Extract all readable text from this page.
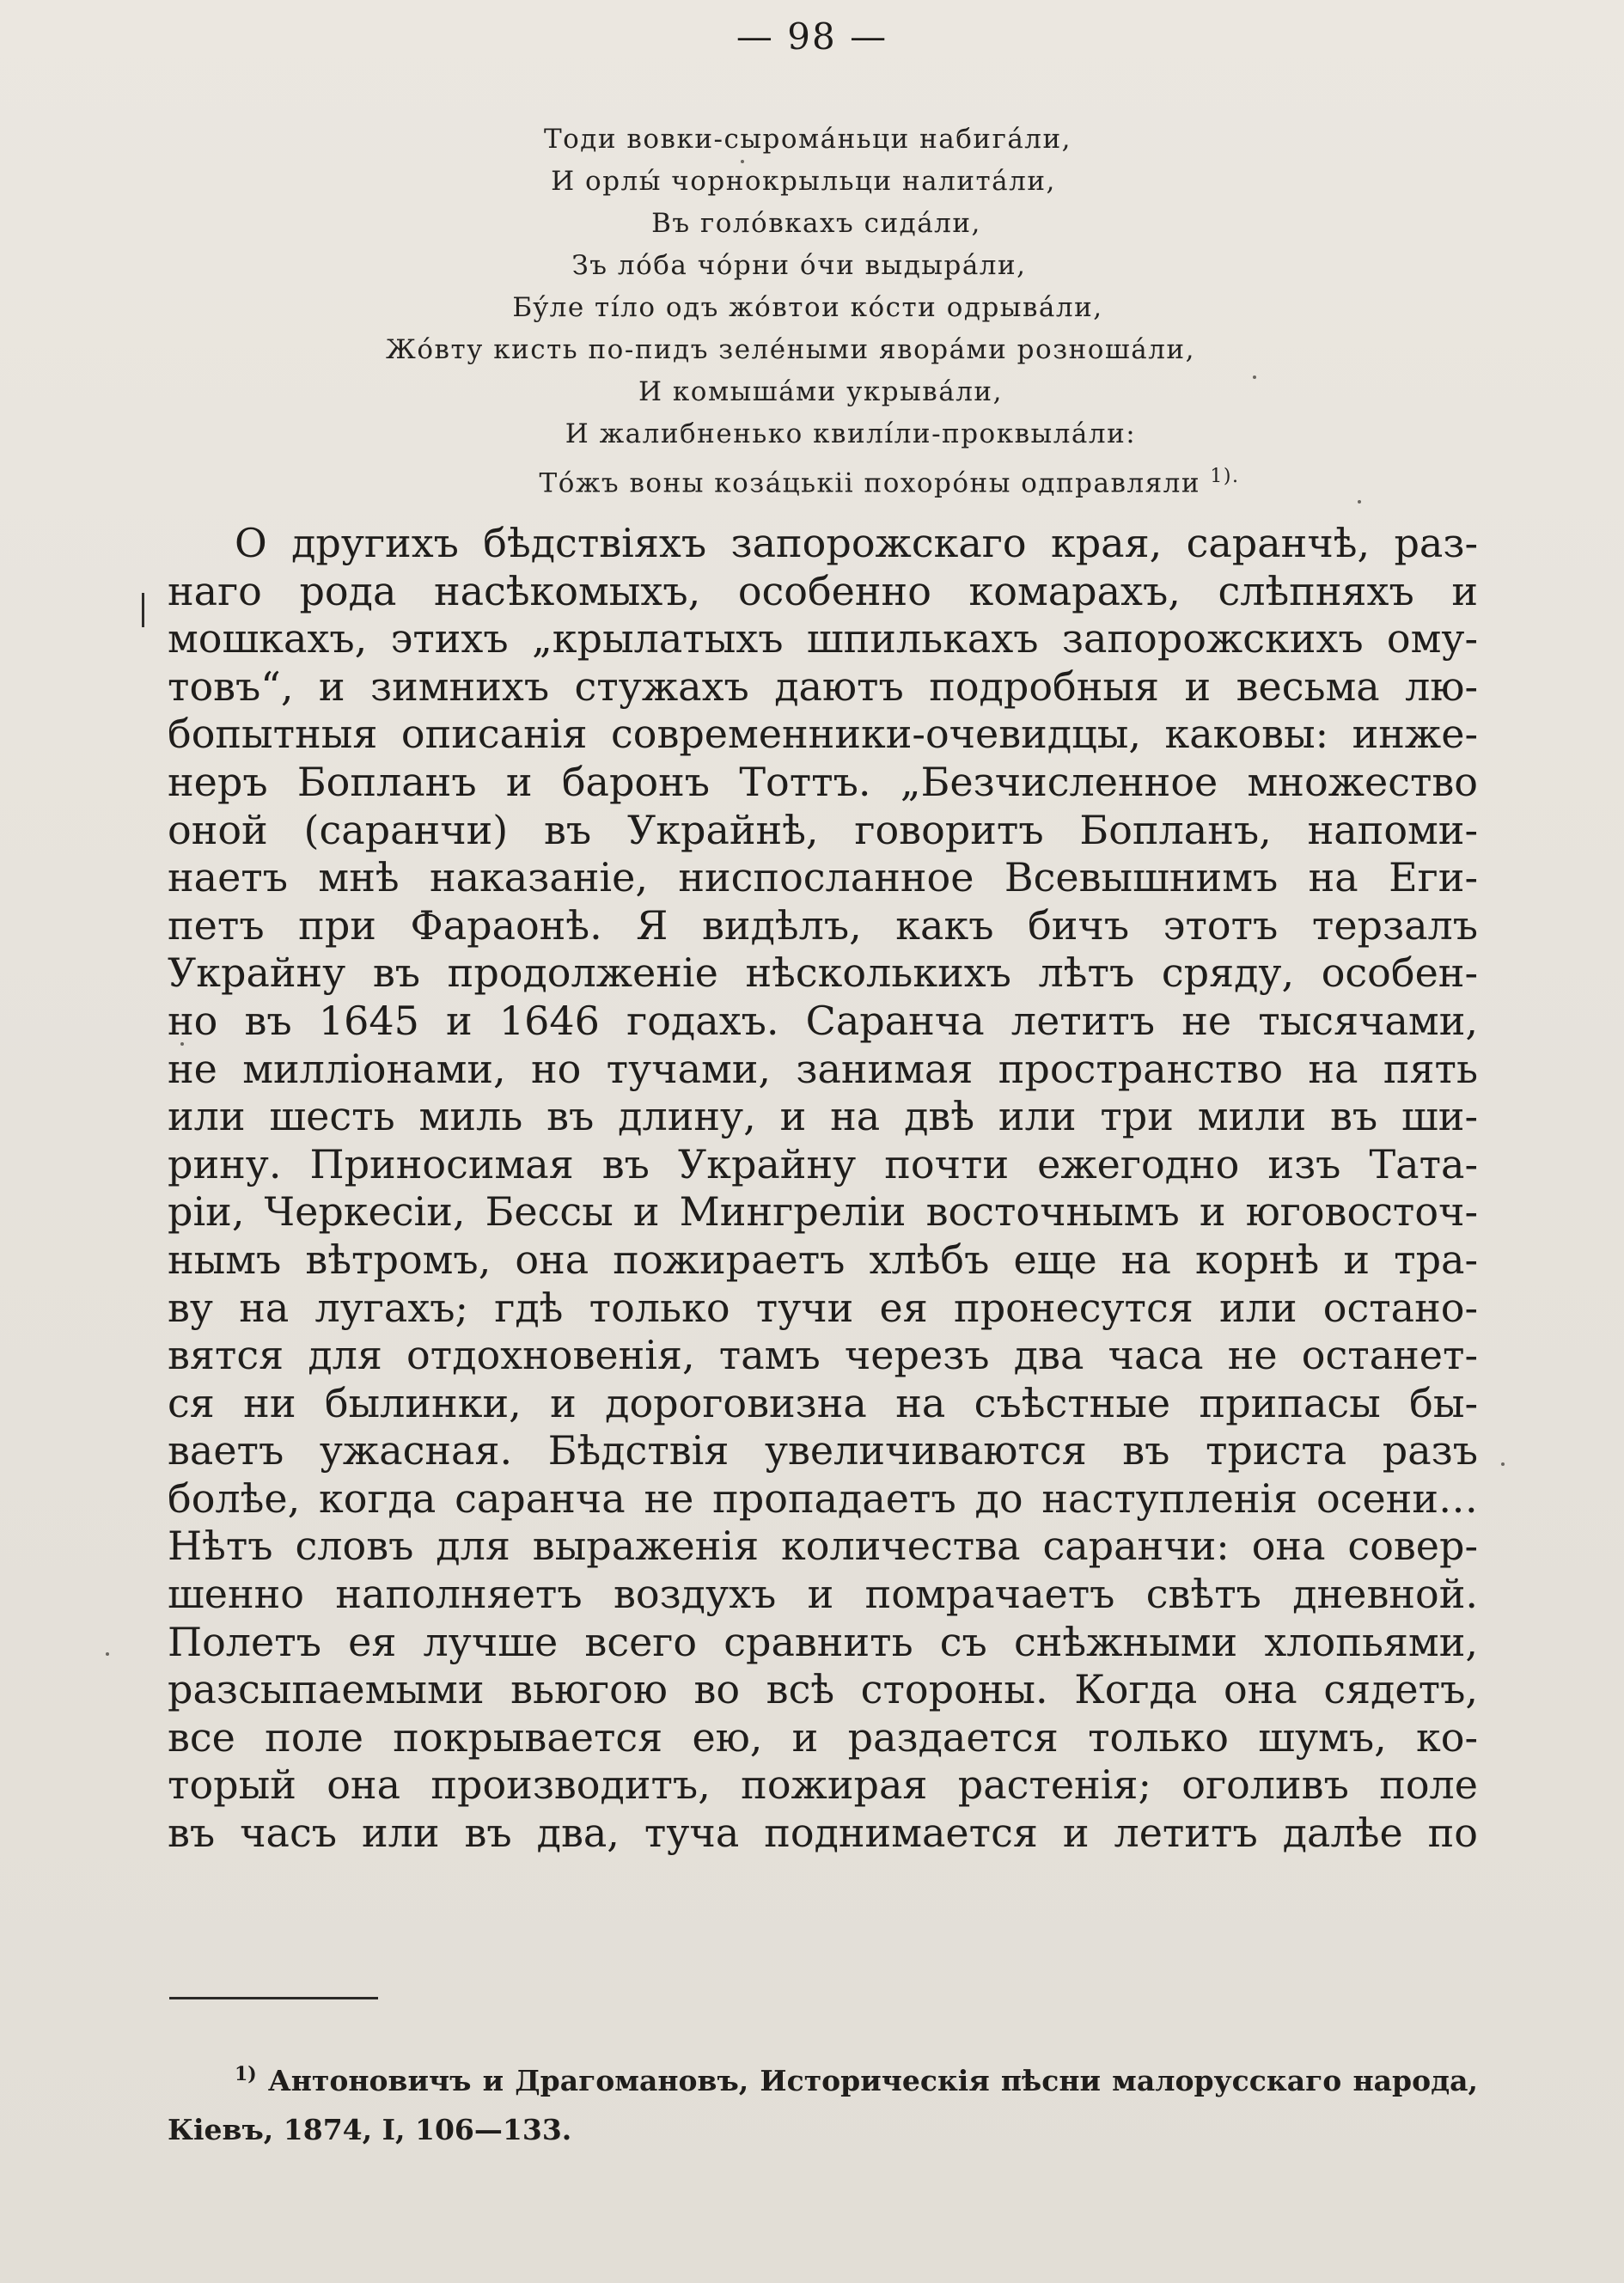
— 98 —
Тоди вовки-сыромáньци набигáли,
И орлы́ чорнокрыльци налитáли,
Въ голóвкахъ сидáли,
Зъ лóба чóрни óчи выдырáли,
Бýле тíло одъ жóвтои кóсти одрывáли,
Жóвту кисть по-пидъ зелéными яворáми розношáли,
И комышáми укрывáли,
И жалибненько квилíли-проквылáли:
Тóжъ воны козáцькii похорóны одправляли $^{1).}$
О другихъ бѣдствіяхъ запорожскаго края, саранчѣ, раз-
наго рода насѣкомыхъ, особенно комарахъ, слѣпняхъ и
мошкахъ, этихъ „крылатыхъ шпилькахъ запорожскихъ ому-
товъ“, и зимнихъ стужахъ даютъ подробныя и весьма лю-
бопытныя описанія современники-очевидцы, каковы: инже-
неръ Бопланъ и баронъ Тоттъ. „Безчисленное множество
оной (саранчи) въ Украйнѣ, говоритъ Бопланъ, напоми-
наетъ мнѣ наказаніе, ниспосланное Всевышнимъ на Еги-
петъ при Фараонѣ. Я видѣлъ, какъ бичъ этотъ терзалъ
Украйну въ продолженіе нѣсколькихъ лѣтъ сряду, особен-
но въ 1645 и 1646 годахъ. Саранча летитъ не тысячами,
не милліонами, но тучами, занимая пространство на пять
или шесть миль въ длину, и на двѣ или три мили въ ши-
рину. Приносимая въ Украйну почти ежегодно изъ Тата-
ріи, Черкесіи, Бессы и Мингреліи восточнымъ и юговосточ-
нымъ вѣтромъ, она пожираетъ хлѣбъ еще на корнѣ и тра-
ву на лугахъ; гдѣ только тучи ея пронесутся или остано-
вятся для отдохновенія, тамъ черезъ два часа не останет-
ся ни былинки, и дороговизна на съѣстные припасы бы-
ваетъ ужасная. Бѣдствія увеличиваются въ триста разъ
болѣе, когда саранча не пропадаетъ до наступленія осени…
Нѣтъ словъ для выраженія количества саранчи: она совер-
шенно наполняетъ воздухъ и помрачаетъ свѣтъ дневной.
Полетъ ея лучше всего сравнить съ снѣжными хлопьями,
разсыпаемыми вьюгою во всѣ стороны. Когда она сядетъ,
все поле покрывается ею, и раздается только шумъ, ко-
торый она производитъ, пожирая растенія; оголивъ поле
въ часъ или въ два, туча поднимается и летитъ далѣе по
$^{1)}$ Антоновичъ и Драгомановъ, Историческія пѣсни малорусскаго народа,
Кіевъ, 1874, I, 106—133.
